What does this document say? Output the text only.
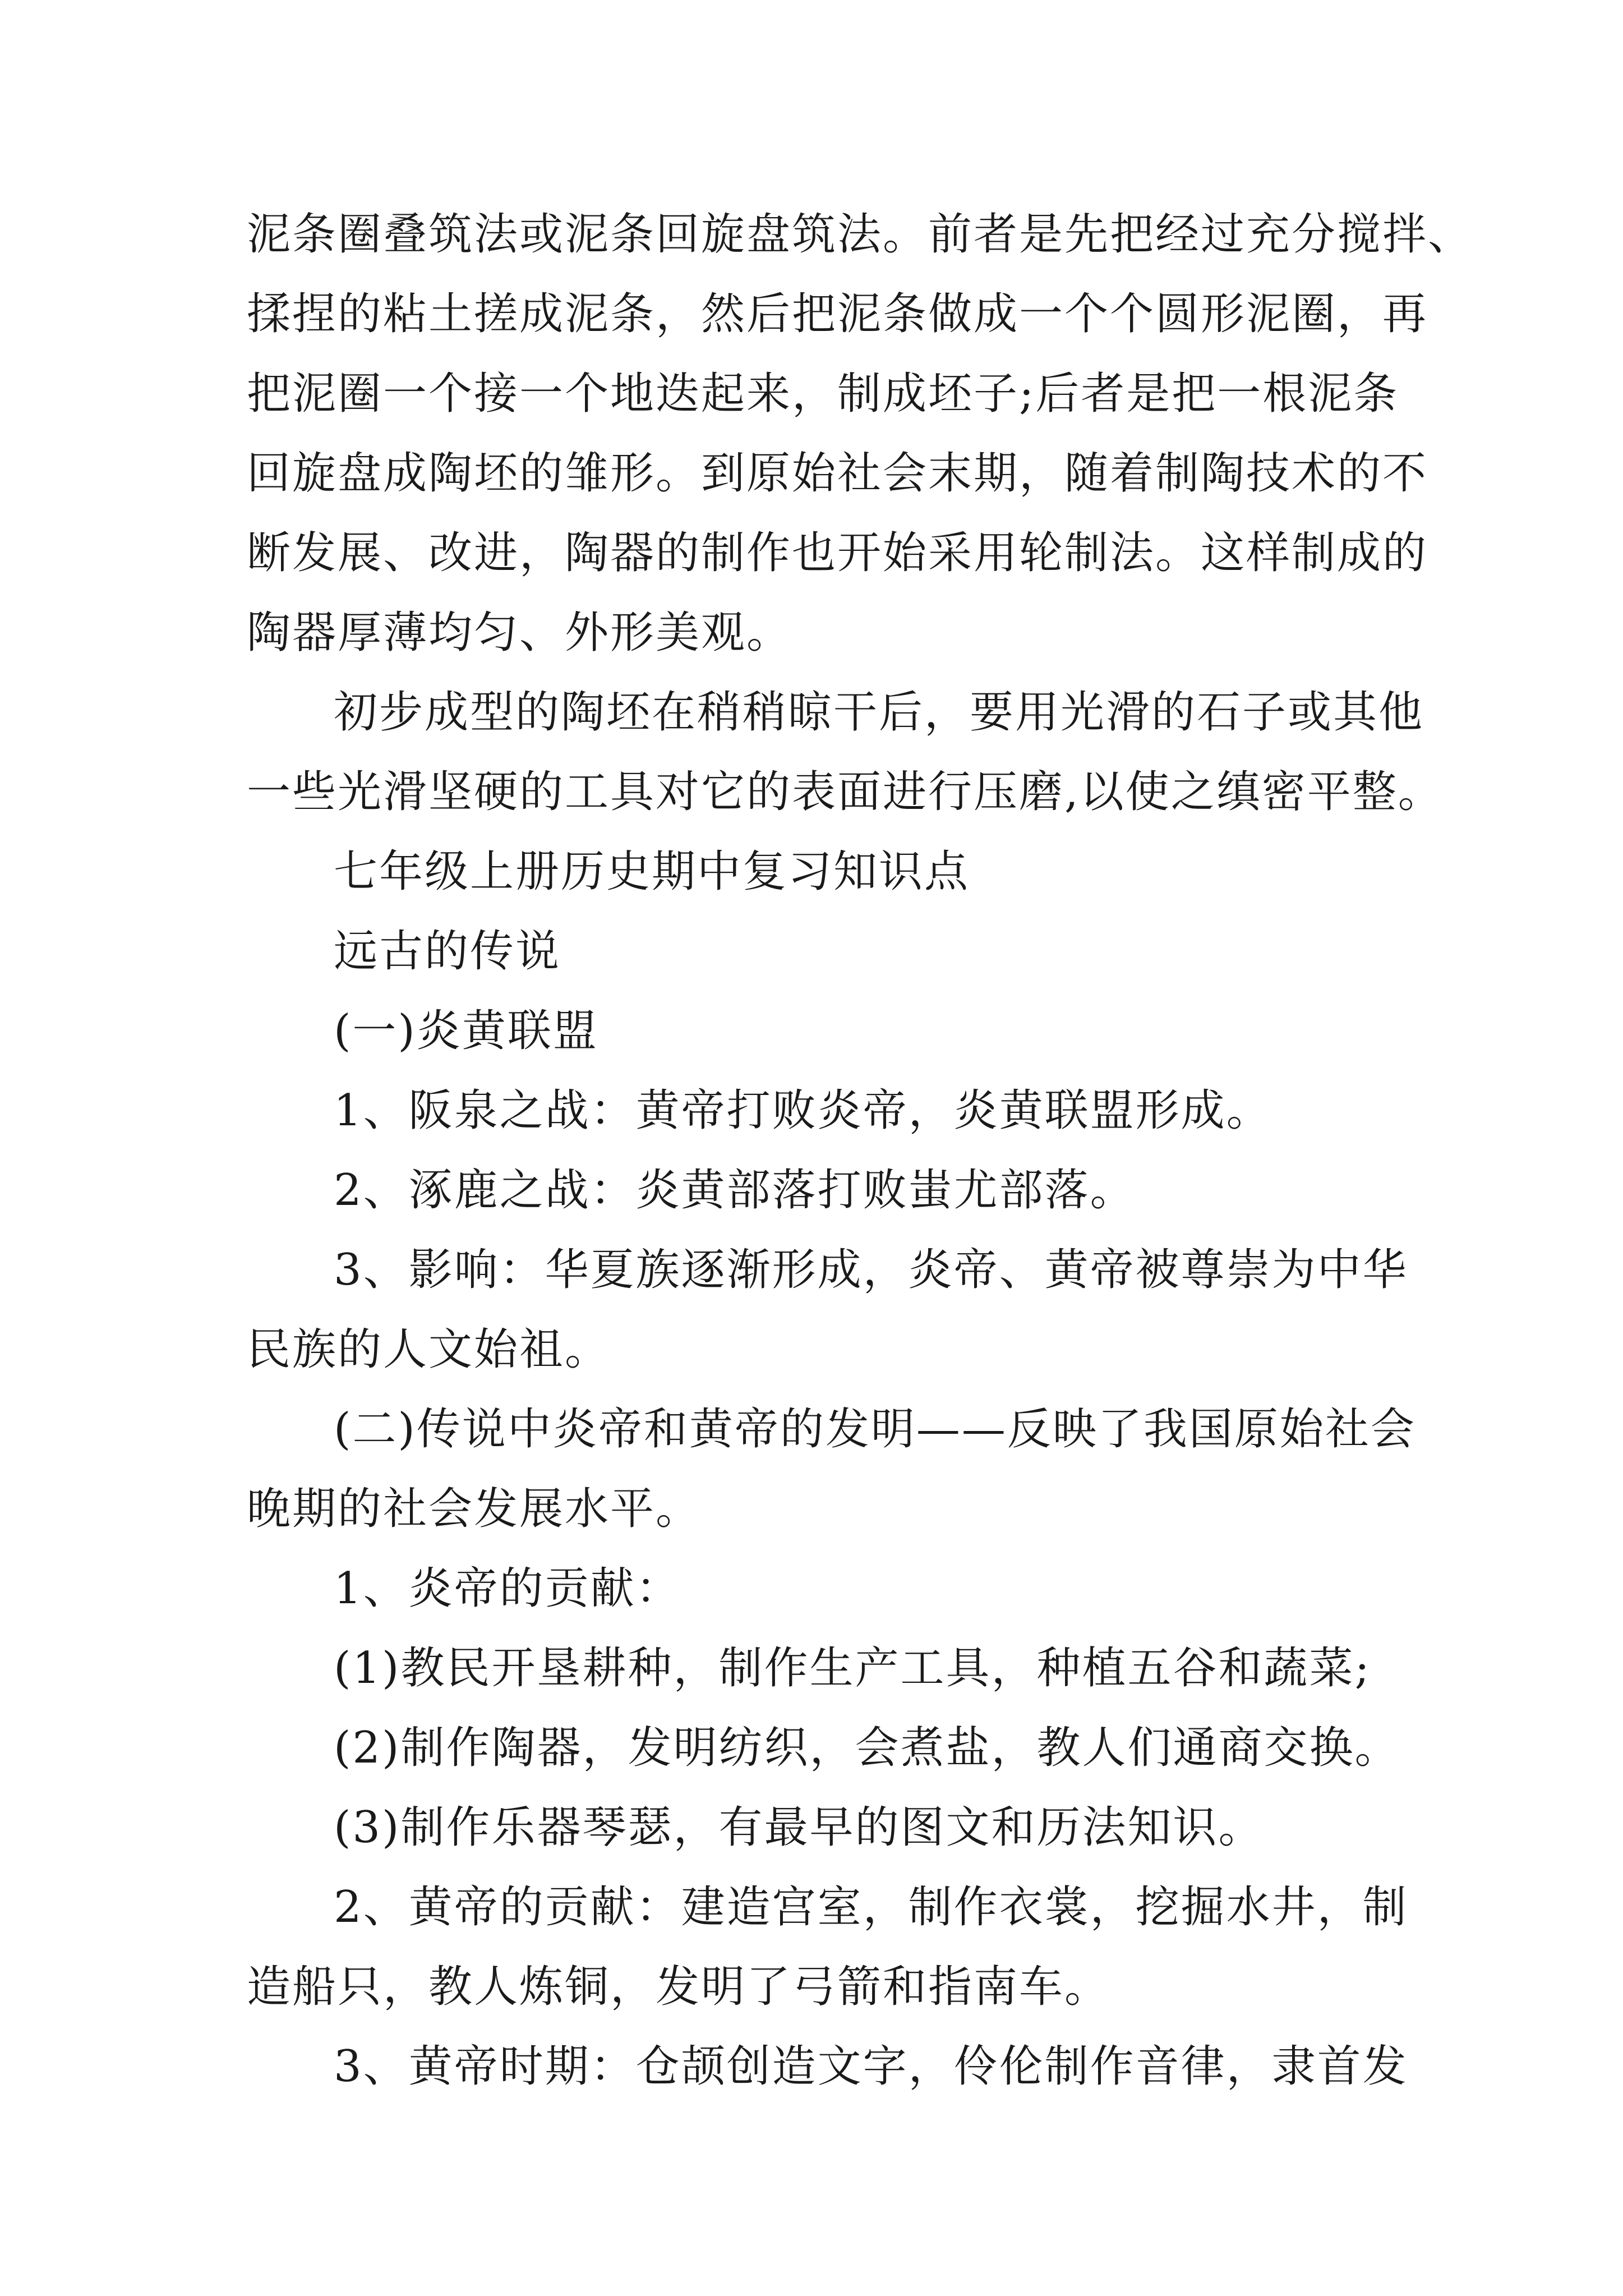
泥条圈叠筑法或泥条回旋盘筑法。前者是先把经过充分搅拌、
揉捏的粘土搓成泥条，然后把泥条做成一个个圆形泥圈，再
把泥圈一个接一个地迭起来，制成坯子;后者是把一根泥条
回旋盘成陶坯的雏形。到原始社会末期，随着制陶技术的不
断发展、改进，陶器的制作也开始采用轮制法。这样制成的
陶器厚薄均匀、外形美观。
初步成型的陶坯在稍稍晾干后，要用光滑的石子或其他
一些光滑坚硬的工具对它的表面进行压磨,以使之缜密平整。
七年级上册历史期中复习知识点
远古的传说
(一)炎黄联盟
1、阪泉之战：黄帝打败炎帝，炎黄联盟形成。
2、涿鹿之战：炎黄部落打败蚩尤部落。
3、影响：华夏族逐渐形成，炎帝、黄帝被尊崇为中华
民族的人文始祖。
(二)传说中炎帝和黄帝的发明——反映了我国原始社会
晚期的社会发展水平。
1、炎帝的贡献：
(1)教民开垦耕种，制作生产工具，种植五谷和蔬菜;
(2)制作陶器，发明纺织，会煮盐，教人们通商交换。
(3)制作乐器琴瑟，有最早的图文和历法知识。
2、黄帝的贡献：建造宫室，制作衣裳，挖掘水井，制
造船只，教人炼铜，发明了弓箭和指南车。
3、黄帝时期：仓颉创造文字，伶伦制作音律，隶首发
